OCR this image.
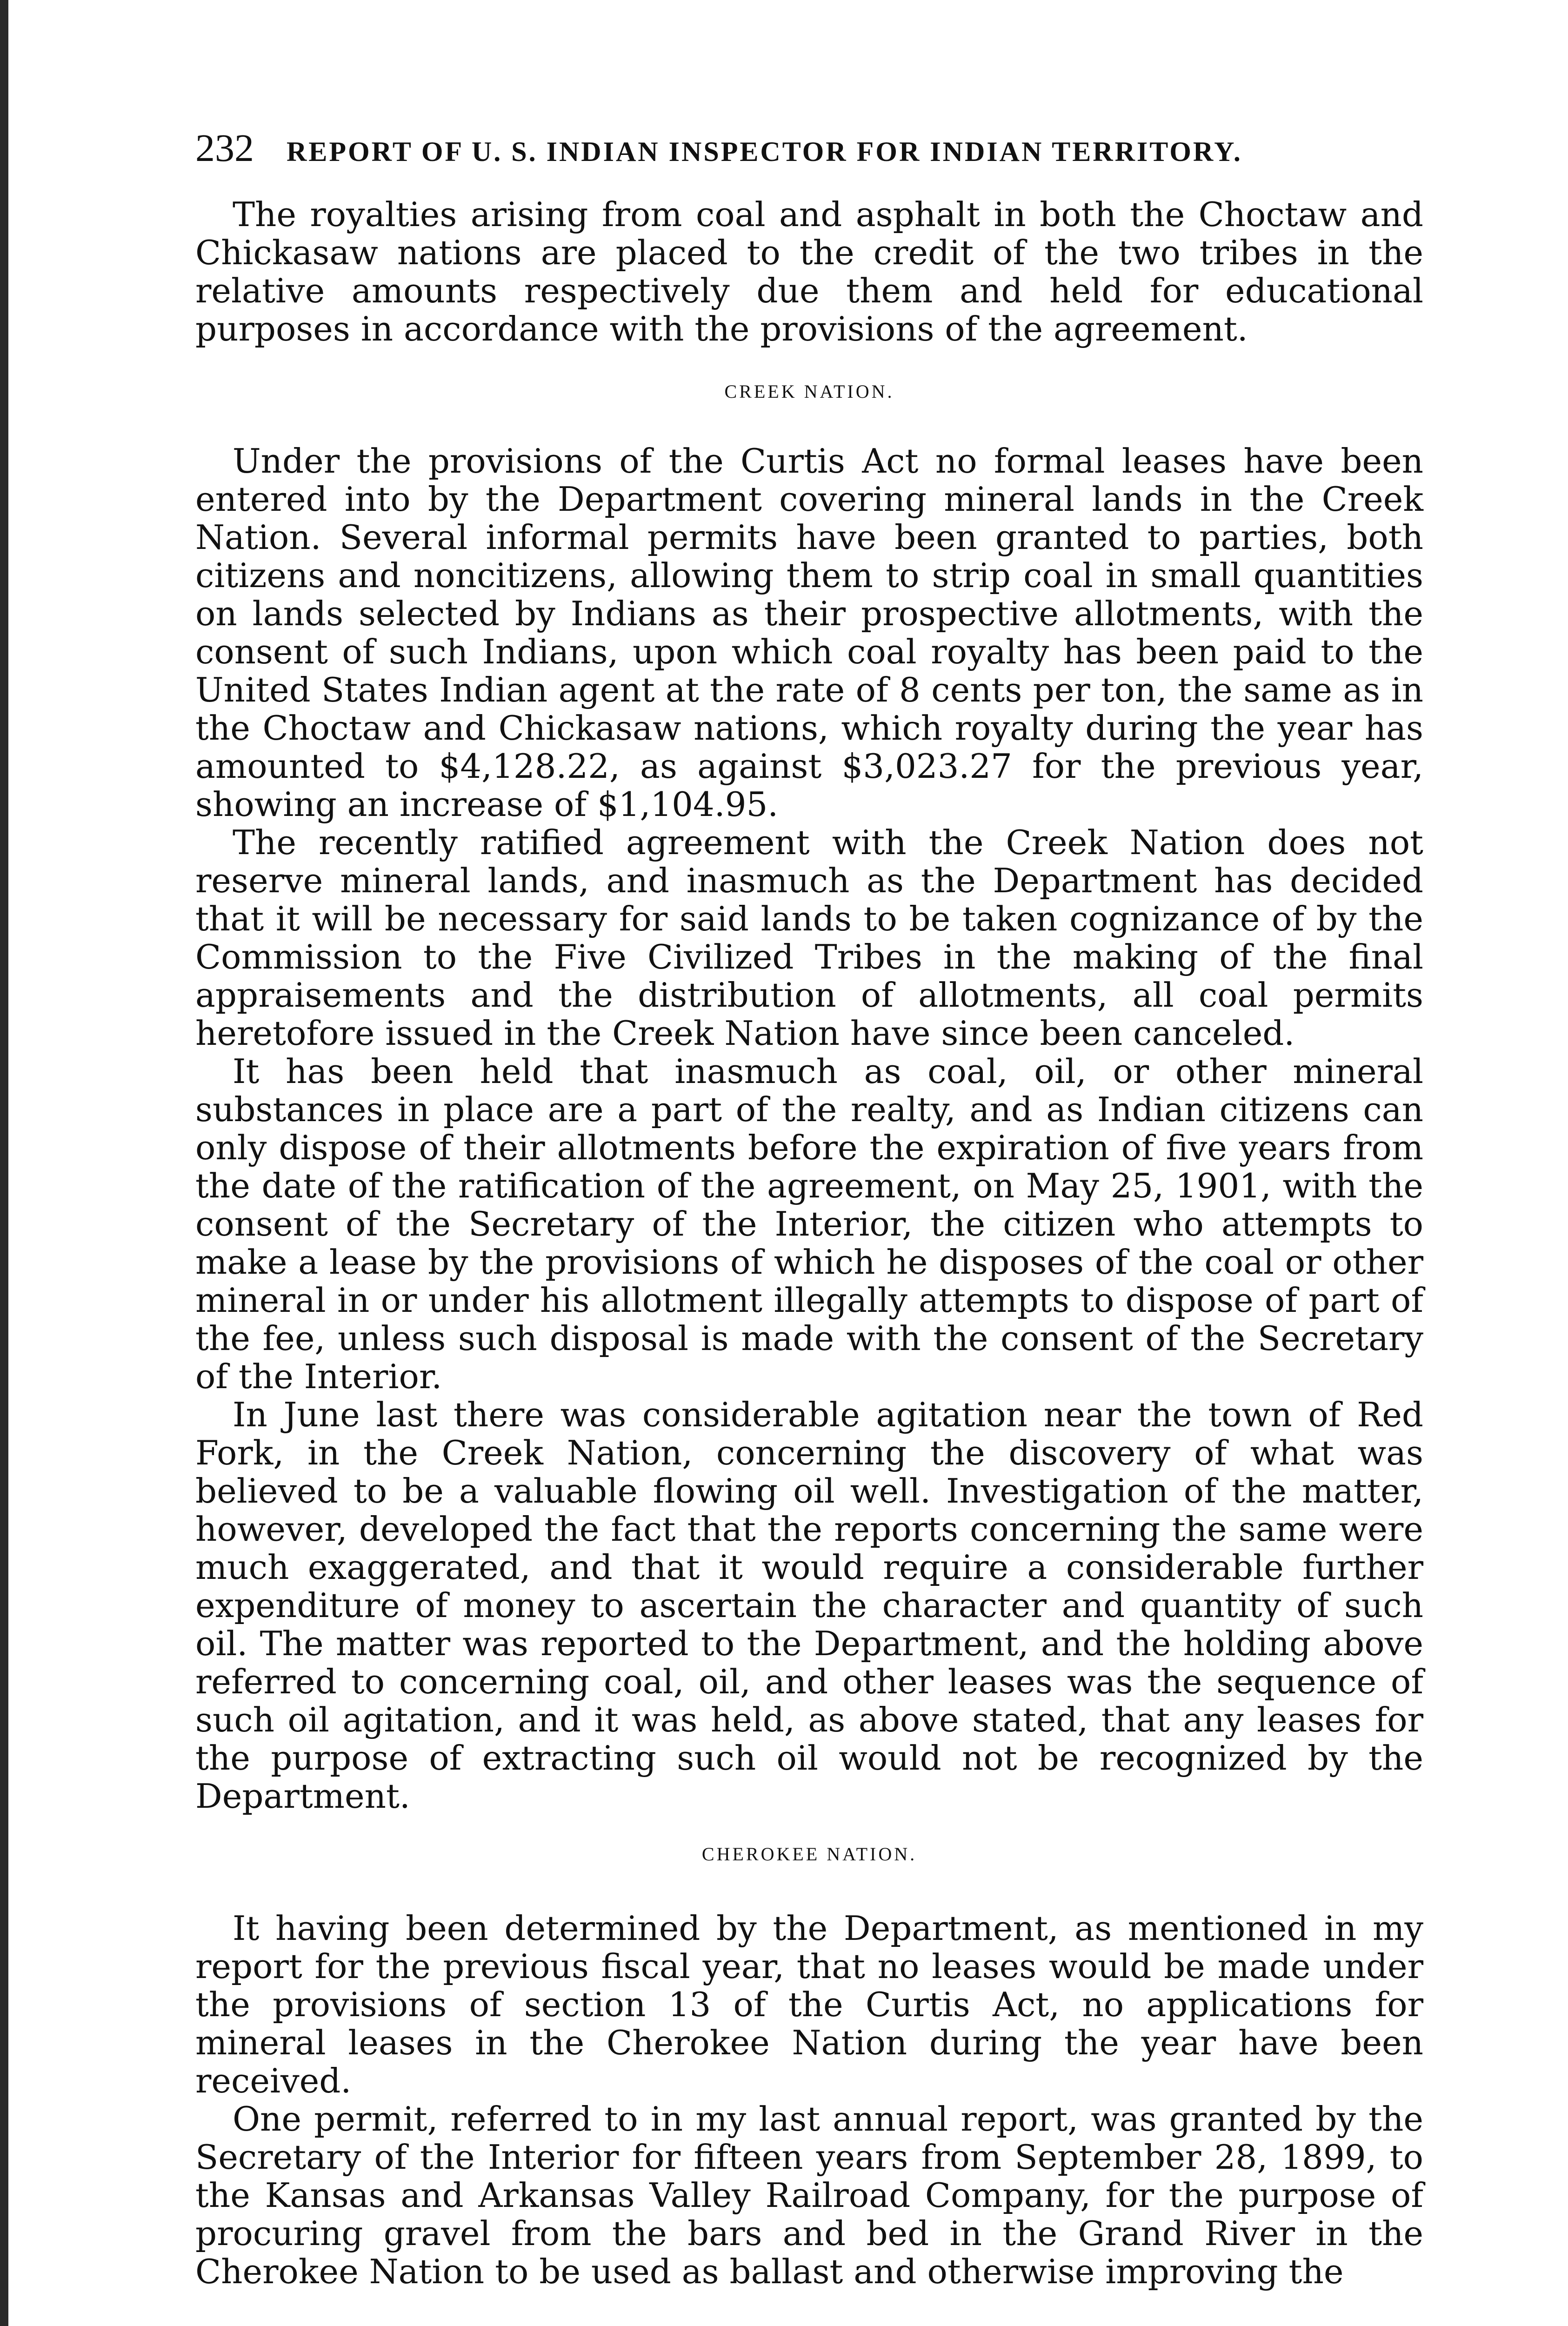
232 REPORT OF U. S. INDIAN INSPECTOR FOR INDIAN TERRITORY.

The royalties arising from coal and asphalt in both the Choctaw and Chickasaw nations are placed to the credit of the two tribes in the relative amounts respectively due them and held for educational purposes in accordance with the provisions of the agreement.

CREEK NATION.

Under the provisions of the Curtis Act no formal leases have been entered into by the Department covering mineral lands in the Creek Nation. Several informal permits have been granted to parties, both citizens and noncitizens, allowing them to strip coal in small quantities on lands selected by Indians as their prospective allotments, with the consent of such Indians, upon which coal royalty has been paid to the United States Indian agent at the rate of 8 cents per ton, the same as in the Choctaw and Chickasaw nations, which royalty during the year has amounted to $4,128.22, as against $3,023.27 for the previous year, showing an increase of $1,104.95.

The recently ratified agreement with the Creek Nation does not reserve mineral lands, and inasmuch as the Department has decided that it will be necessary for said lands to be taken cognizance of by the Commission to the Five Civilized Tribes in the making of the final appraisements and the distribution of allotments, all coal permits heretofore issued in the Creek Nation have since been canceled.

It has been held that inasmuch as coal, oil, or other mineral substances in place are a part of the realty, and as Indian citizens can only dispose of their allotments before the expiration of five years from the date of the ratification of the agreement, on May 25, 1901, with the consent of the Secretary of the Interior, the citizen who attempts to make a lease by the provisions of which he disposes of the coal or other mineral in or under his allotment illegally attempts to dispose of part of the fee, unless such disposal is made with the consent of the Secretary of the Interior.

In June last there was considerable agitation near the town of Red Fork, in the Creek Nation, concerning the discovery of what was believed to be a valuable flowing oil well. Investigation of the matter, however, developed the fact that the reports concerning the same were much exaggerated, and that it would require a considerable further expenditure of money to ascertain the character and quantity of such oil. The matter was reported to the Department, and the holding above referred to concerning coal, oil, and other leases was the sequence of such oil agitation, and it was held, as above stated, that any leases for the purpose of extracting such oil would not be recognized by the Department.

CHEROKEE NATION.

It having been determined by the Department, as mentioned in my report for the previous fiscal year, that no leases would be made under the provisions of section 13 of the Curtis Act, no applications for mineral leases in the Cherokee Nation during the year have been received.

One permit, referred to in my last annual report, was granted by the Secretary of the Interior for fifteen years from September 28, 1899, to the Kansas and Arkansas Valley Railroad Company, for the purpose of procuring gravel from the bars and bed in the Grand River in the Cherokee Nation to be used as ballast and otherwise improving the
